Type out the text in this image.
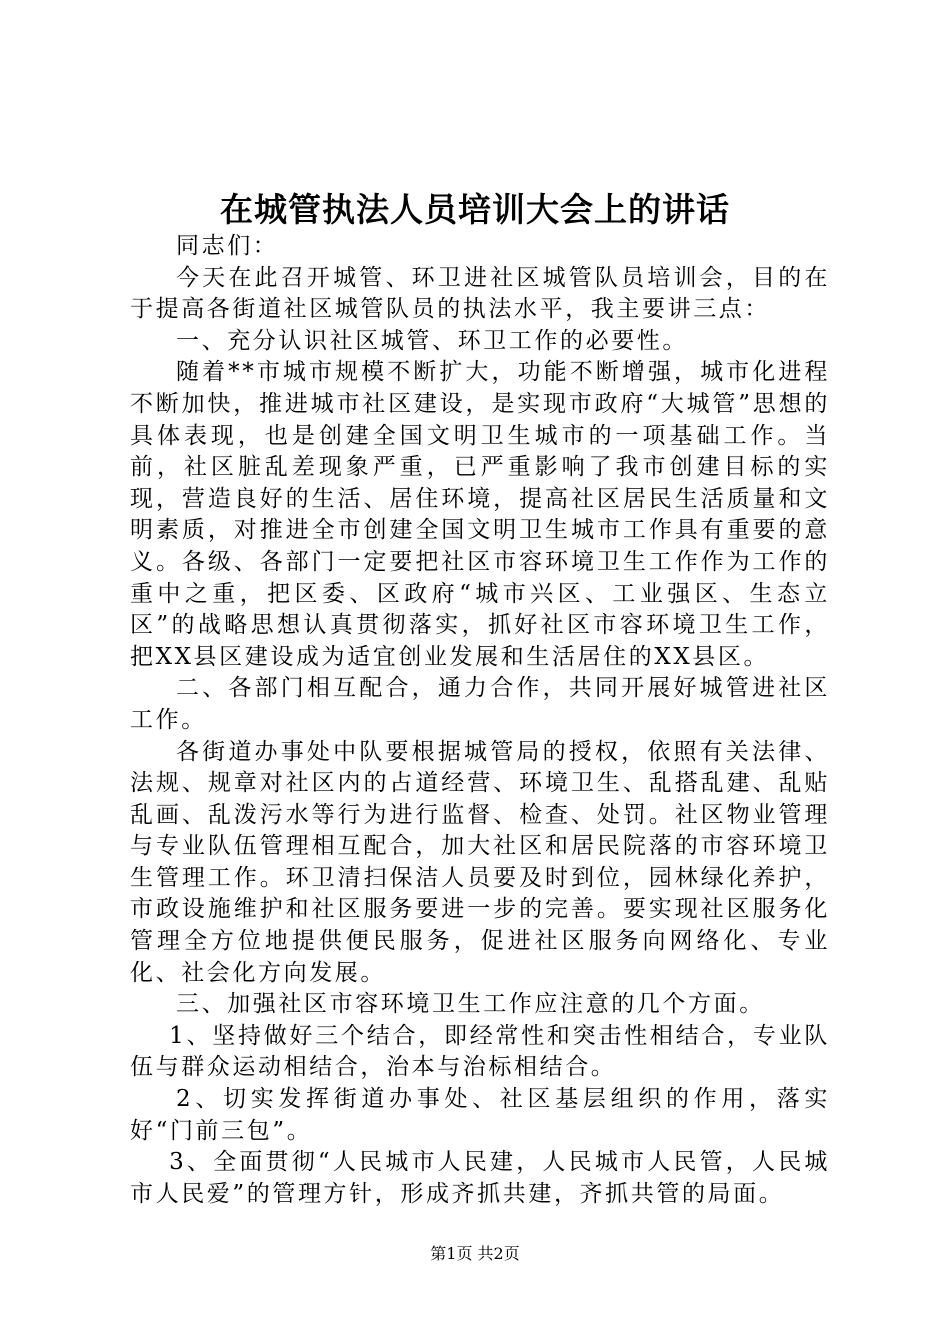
在城管执法人员培训大会上的讲话

同志们：

今天在此召开城管、环卫进社区城管队员培训会，目的在于提高各街道社区城管队员的执法水平，我主要讲三点：

一、充分认识社区城管、环卫工作的必要性。

随着**市城市规模不断扩大，功能不断增强，城市化进程不断加快，推进城市社区建设，是实现市政府“大城管”思想的具体表现，也是创建全国文明卫生城市的一项基础工作。当前，社区脏乱差现象严重，已严重影响了我市创建目标的实现，营造良好的生活、居住环境，提高社区居民生活质量和文明素质，对推进全市创建全国文明卫生城市工作具有重要的意义。各级、各部门一定要把社区市容环境卫生工作作为工作的重中之重，把区委、区政府“城市兴区、工业强区、生态立区”的战略思想认真贯彻落实，抓好社区市容环境卫生工作，把XX县区建设成为适宜创业发展和生活居住的XX县区。

二、各部门相互配合，通力合作，共同开展好城管进社区工作。

各街道办事处中队要根据城管局的授权，依照有关法律、法规、规章对社区内的占道经营、环境卫生、乱搭乱建、乱贴乱画、乱泼污水等行为进行监督、检查、处罚。社区物业管理与专业队伍管理相互配合，加大社区和居民院落的市容环境卫生管理工作。环卫清扫保洁人员要及时到位，园林绿化养护，市政设施维护和社区服务要进一步的完善。要实现社区服务化管理全方位地提供便民服务，促进社区服务向网络化、专业化、社会化方向发展。

三、加强社区市容环境卫生工作应注意的几个方面。

1、坚持做好三个结合，即经常性和突击性相结合，专业队伍与群众运动相结合，治本与治标相结合。

2、切实发挥街道办事处、社区基层组织的作用，落实好“门前三包”。

3、全面贯彻“人民城市人民建，人民城市人民管，人民城市人民爱”的管理方针，形成齐抓共建，齐抓共管的局面。

第1页 共2页
